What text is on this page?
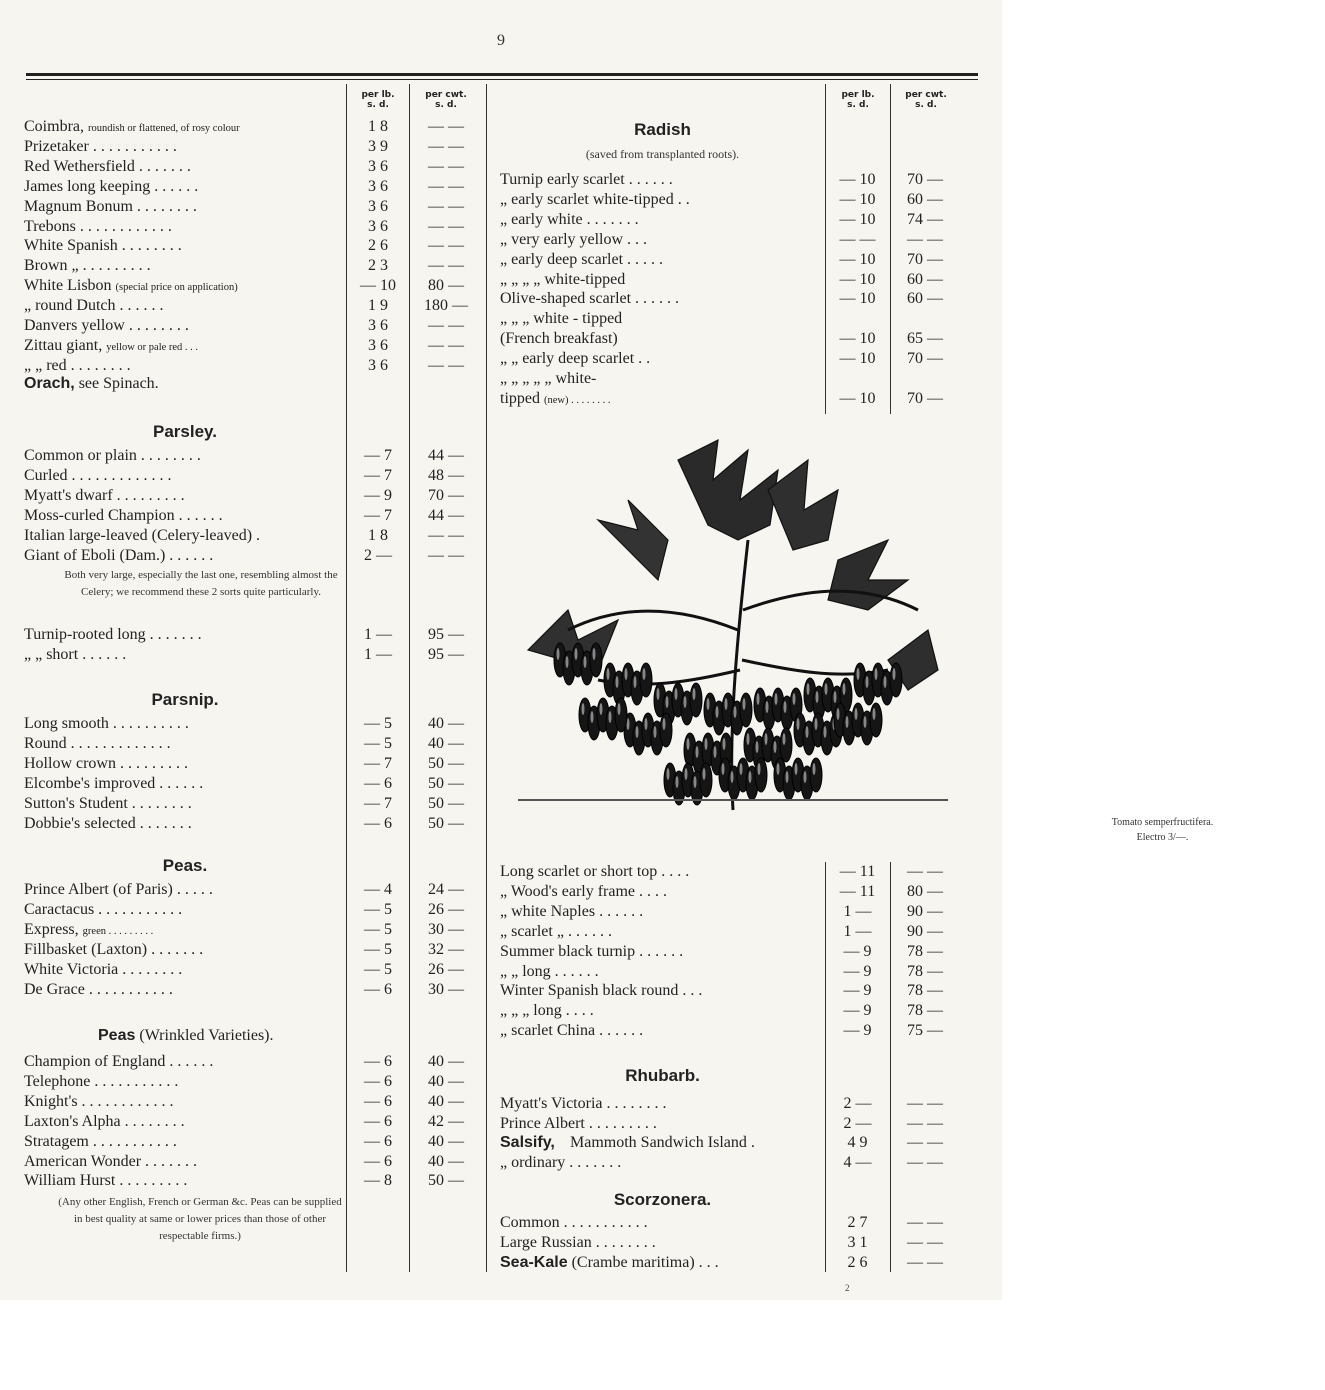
9
per lb.
s. d.
per cwt.
s. d.
per lb.
s. d.
per cwt.
s. d.
Coimbra, roundish or flattened, of rosy colour	1 8	— —
Prizetaker . . . . . . . . . . .	3 9	— —
Red Wethersfield . . . . . . .	3 6	— —
James long keeping . . . . . .	3 6	— —
Magnum Bonum . . . . . . . .	3 6	— —
Trebons . . . . . . . . . . . .	3 6	— —
White Spanish . . . . . . . .	2 6	— —
Brown „ . . . . . . . . .	2 3	— —
White Lisbon (special price on application)	— 10	80 —
„ round Dutch . . . . . .	1 9	180 —
Danvers yellow . . . . . . . .	3 6	— —
Zittau giant, yellow or pale red . . .	3 6	— —
„ „ red . . . . . . . .	3 6	— —
Orach, see Spinach.
Parsley.
Common or plain . . . . . . . .	— 7	44 —
Curled . . . . . . . . . . . . .	— 7	48 —
Myatt's dwarf . . . . . . . . .	— 9	70 —
Moss-curled Champion . . . . . .	— 7	44 —
Italian large-leaved (Celery-leaved) .	1 8	— —
Giant of Eboli (Dam.) . . . . . .	2 —	— —
Both very large, especially the last one, resembling almost the Celery; we recommend these 2 sorts quite particularly.
Turnip-rooted long . . . . . . .	1 —	95 —
„ „ short . . . . . .	1 —	95 —
Parsnip.
Long smooth . . . . . . . . . .	— 5	40 —
Round . . . . . . . . . . . . .	— 5	40 —
Hollow crown . . . . . . . . .	— 7	50 —
Elcombe's improved . . . . . .	— 6	50 —
Sutton's Student . . . . . . . .	— 7	50 —
Dobbie's selected . . . . . . .	— 6	50 —
Peas.
Prince Albert (of Paris) . . . . .	— 4	24 —
Caractacus . . . . . . . . . . .	— 5	26 —
Express, green . . . . . . . . .	— 5	30 —
Fillbasket (Laxton) . . . . . . .	— 5	32 —
White Victoria . . . . . . . .	— 5	26 —
De Grace . . . . . . . . . . .	— 6	30 —
Peas (Wrinkled Varieties).
Champion of England . . . . . .	— 6	40 —
Telephone . . . . . . . . . . .	— 6	40 —
Knight's . . . . . . . . . . . .	— 6	40 —
Laxton's Alpha . . . . . . . .	— 6	42 —
Stratagem . . . . . . . . . . .	— 6	40 —
American Wonder . . . . . . .	— 6	40 —
William Hurst . . . . . . . . .	— 8	50 —
(Any other English, French or German &c. Peas can be supplied in best quality at same or lower prices than those of other respectable firms.)
Radish
(saved from transplanted roots).
Turnip early scarlet . . . . . .	— 10	70 —
„ early scarlet white-tipped . .	— 10	60 —
„ early white . . . . . . .	— 10	74 —
„ very early yellow . . .	— —	— —
„ early deep scarlet . . . . .	— 10	70 —
„ „ „ „ white-tipped	— 10	60 —
Olive-shaped scarlet . . . . . .	— 10	60 —
„ „ „ white - tipped
(French breakfast)	— 10	65 —
„ „ early deep scarlet . .	— 10	70 —
„ „ „ „ „ white-
tipped (new) . . . . . . . .	— 10	70 —
Tomato semperfructifera.
Electro 3/—.
Long scarlet or short top . . . .	— 11	— —
„ Wood's early frame . . . .	— 11	80 —
„ white Naples . . . . . .	1 —	90 —
„ scarlet „ . . . . . .	1 —	90 —
Summer black turnip . . . . . .	— 9	78 —
„ „ long . . . . . .	— 9	78 —
Winter Spanish black round . . .	— 9	78 —
„ „ „ long . . . .	— 9	78 —
„ scarlet China . . . . . .	— 9	75 —
Rhubarb.
Myatt's Victoria . . . . . . . .	2 —	— —
Prince Albert . . . . . . . . .	2 —	— —
Salsify, Mammoth Sandwich Island .	4 9	— —
„ ordinary . . . . . . .	4 —	— —
Scorzonera.
Common . . . . . . . . . . .	2 7	— —
Large Russian . . . . . . . .	3 1	— —
Sea-Kale (Crambe maritima) . . .	2 6	— —
2
